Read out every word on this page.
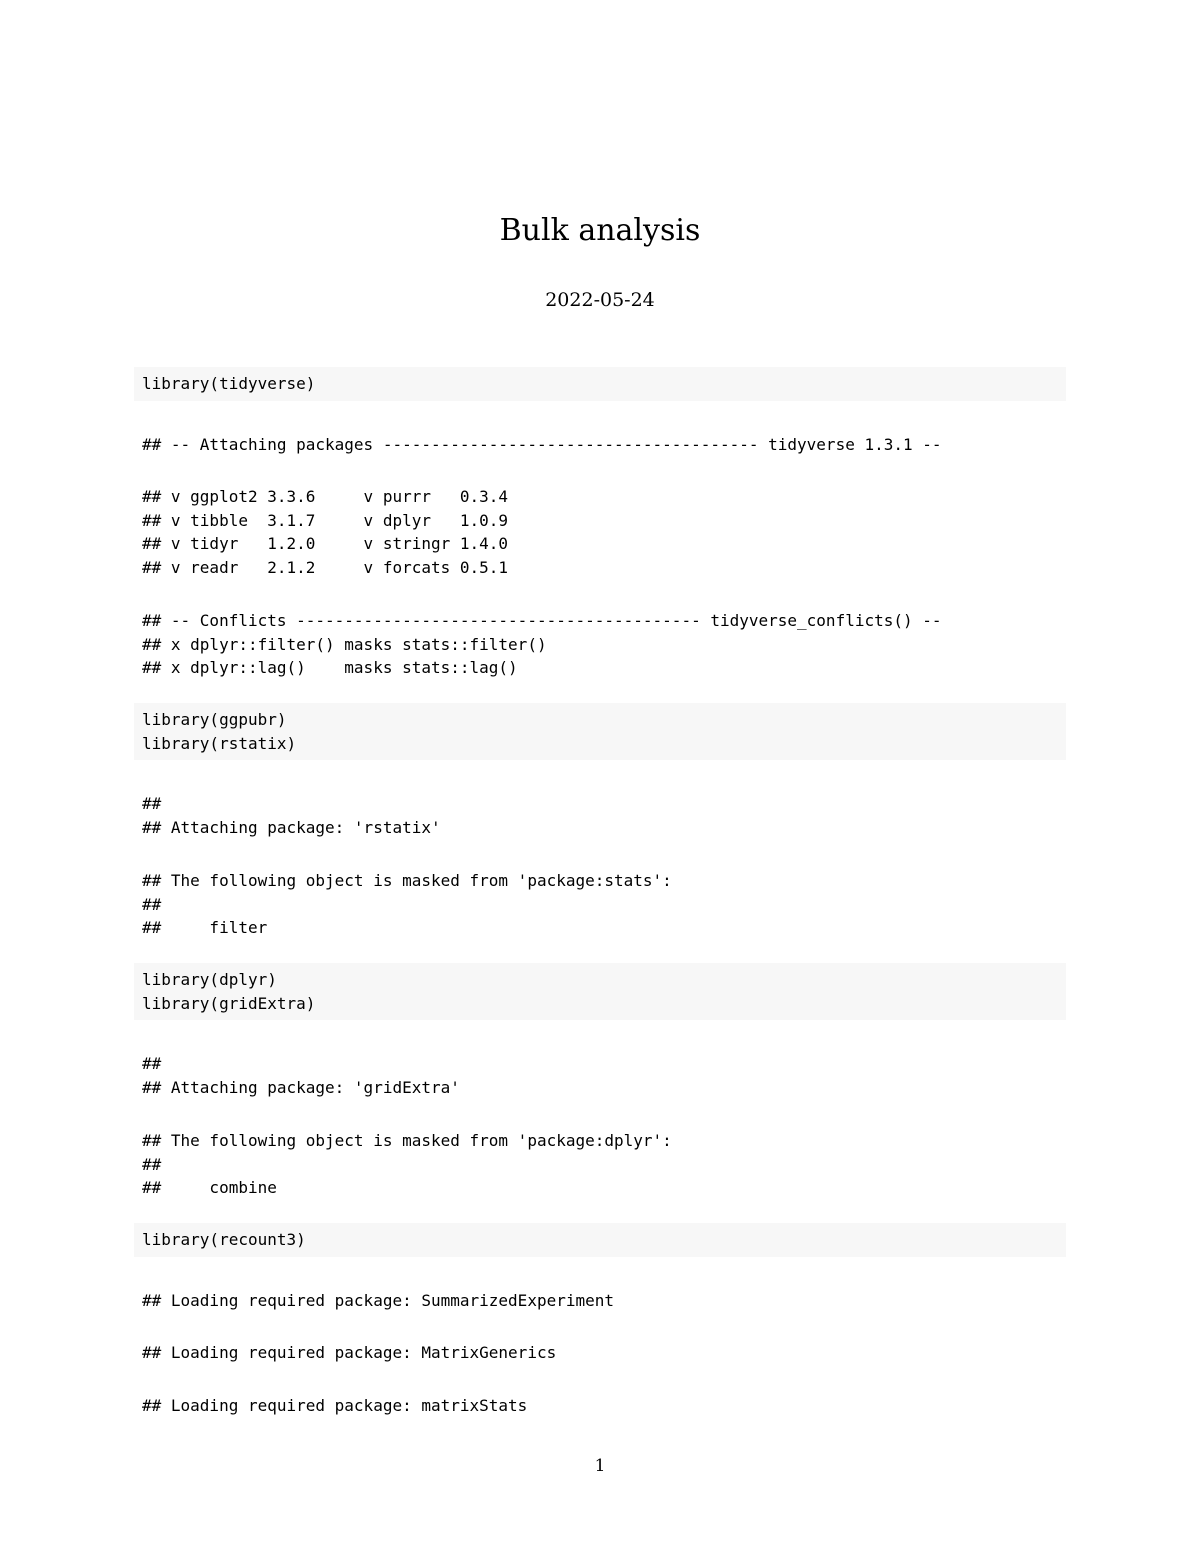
Bulk analysis
2022-05-24
library(tidyverse)
## -- Attaching packages --------------------------------------- tidyverse 1.3.1 --
## v ggplot2 3.3.6     v purrr   0.3.4
## v tibble  3.1.7     v dplyr   1.0.9
## v tidyr   1.2.0     v stringr 1.4.0
## v readr   2.1.2     v forcats 0.5.1
## -- Conflicts ------------------------------------------ tidyverse_conflicts() --
## x dplyr::filter() masks stats::filter()
## x dplyr::lag()    masks stats::lag()
library(ggpubr)
library(rstatix)
##
## Attaching package: 'rstatix'
## The following object is masked from 'package:stats':
##
##     filter
library(dplyr)
library(gridExtra)
##
## Attaching package: 'gridExtra'
## The following object is masked from 'package:dplyr':
##
##     combine
library(recount3)
## Loading required package: SummarizedExperiment
## Loading required package: MatrixGenerics
## Loading required package: matrixStats
1
